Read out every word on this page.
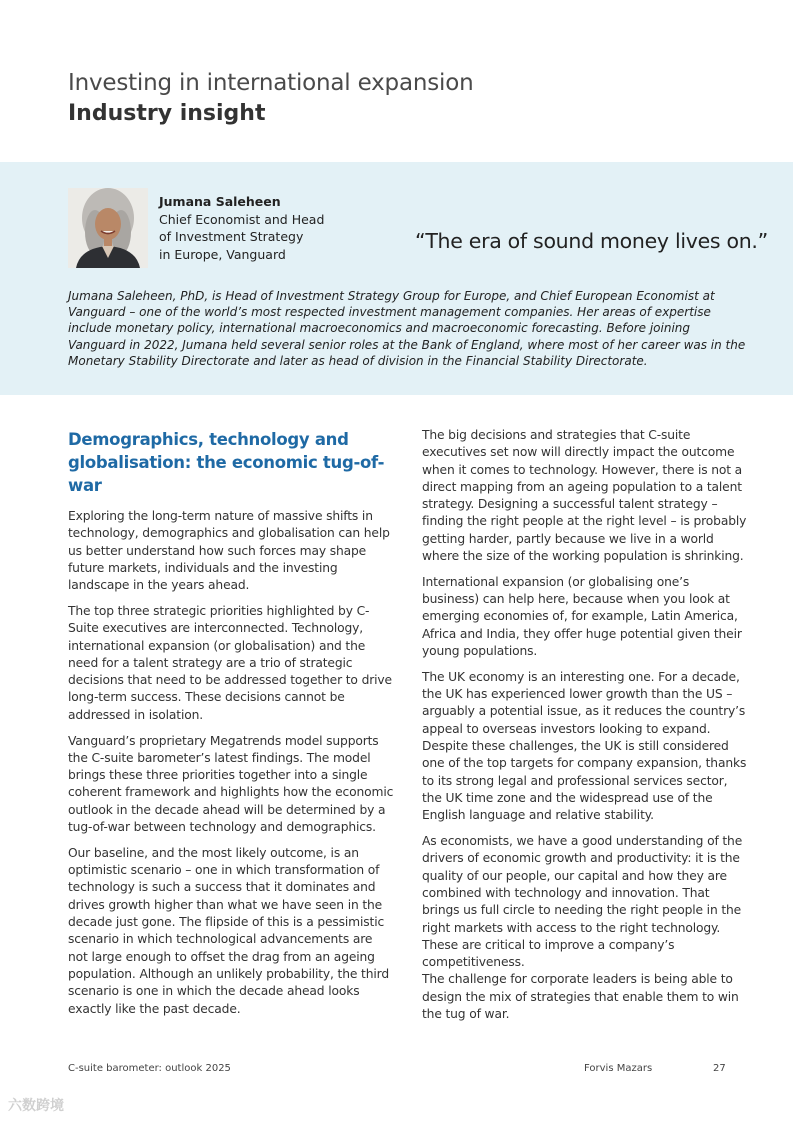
Investing in international expansion
Industry insight
Jumana Saleheen
Chief Economist and Head
of Investment Strategy
in Europe, Vanguard
“The era of sound money lives on.”

Jumana Saleheen, PhD, is Head of Investment Strategy Group for Europe, and Chief European Economist at Vanguard – one of the world’s most respected investment management companies. Her areas of expertise include monetary policy, international macroeconomics and macroeconomic forecasting. Before joining Vanguard in 2022, Jumana held several senior roles at the Bank of England, where most of her career was in the Monetary Stability Directorate and later as head of division in the Financial Stability Directorate.

Demographics, technology and globalisation: the economic tug-of-war

Exploring the long-term nature of massive shifts in technology, demographics and globalisation can help us better understand how such forces may shape future markets, individuals and the investing landscape in the years ahead.

The top three strategic priorities highlighted by C-Suite executives are interconnected. Technology, international expansion (or globalisation) and the need for a talent strategy are a trio of strategic decisions that need to be addressed together to drive long-term success. These decisions cannot be addressed in isolation.

Vanguard’s proprietary Megatrends model supports the C-suite barometer’s latest findings. The model brings these three priorities together into a single coherent framework and highlights how the economic outlook in the decade ahead will be determined by a tug-of-war between technology and demographics.

Our baseline, and the most likely outcome, is an optimistic scenario – one in which transformation of technology is such a success that it dominates and drives growth higher than what we have seen in the decade just gone. The flipside of this is a pessimistic scenario in which technological advancements are not large enough to offset the drag from an ageing population. Although an unlikely probability, the third scenario is one in which the decade ahead looks exactly like the past decade.

The big decisions and strategies that C-suite executives set now will directly impact the outcome when it comes to technology. However, there is not a direct mapping from an ageing population to a talent strategy. Designing a successful talent strategy – finding the right people at the right level – is probably getting harder, partly because we live in a world where the size of the working population is shrinking.

International expansion (or globalising one’s business) can help here, because when you look at emerging economies of, for example, Latin America, Africa and India, they offer huge potential given their young populations.

The UK economy is an interesting one. For a decade, the UK has experienced lower growth than the US – arguably a potential issue, as it reduces the country’s appeal to overseas investors looking to expand. Despite these challenges, the UK is still considered one of the top targets for company expansion, thanks to its strong legal and professional services sector, the UK time zone and the widespread use of the English language and relative stability.

As economists, we have a good understanding of the drivers of economic growth and productivity: it is the quality of our people, our capital and how they are combined with technology and innovation. That brings us full circle to needing the right people in the right markets with access to the right technology. These are critical to improve a company’s competitiveness.

The challenge for corporate leaders is being able to design the mix of strategies that enable them to win the tug of war.

C-suite barometer: outlook 2025	Forvis Mazars	27
六数跨境
